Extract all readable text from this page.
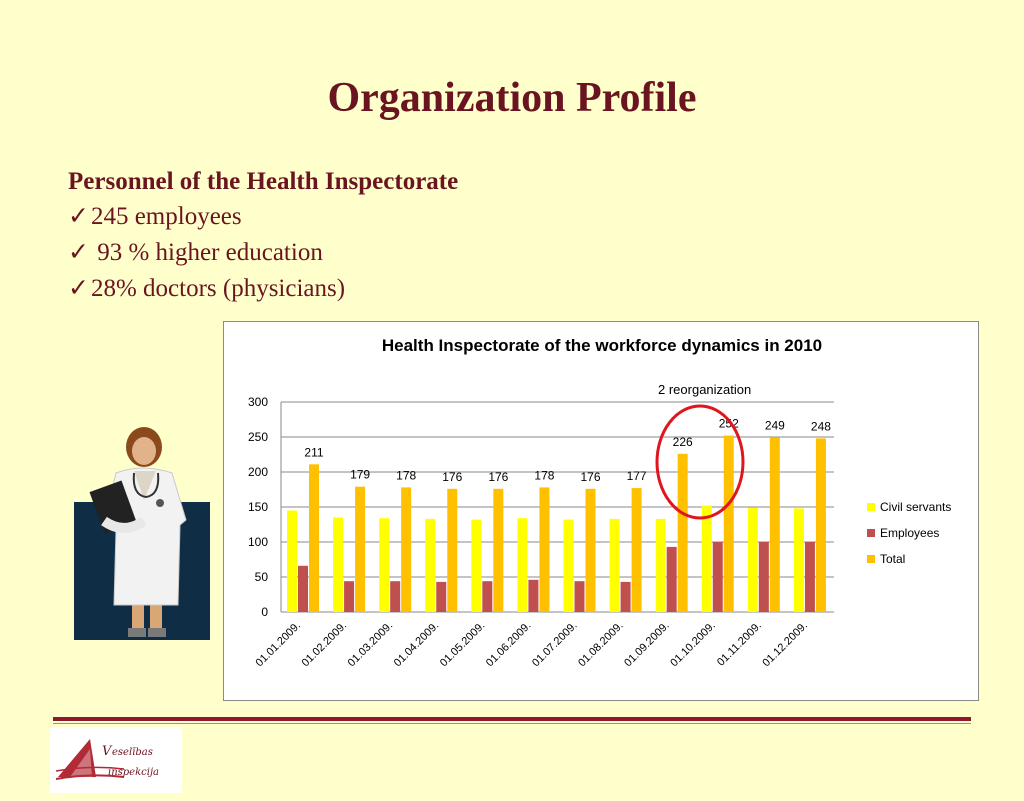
Organization Profile
Personnel of the Health Inspectorate
✓245 employees
✓ 93 % higher education
✓28% doctors (physicians)
Health Inspectorate of the workforce dynamics in 2010
2 reorganization
0
50
100
150
200
250
300
211
01.01.2009.
179
01.02.2009.
178
01.03.2009.
176
01.04.2009.
176
01.05.2009.
178
01.06.2009.
176
01.07.2009.
177
01.08.2009.
226
01.09.2009.
252
01.10.2009.
249
01.11.2009.
248
01.12.2009.
Civil servants
Employees
Total
V eselības
inspekcija
